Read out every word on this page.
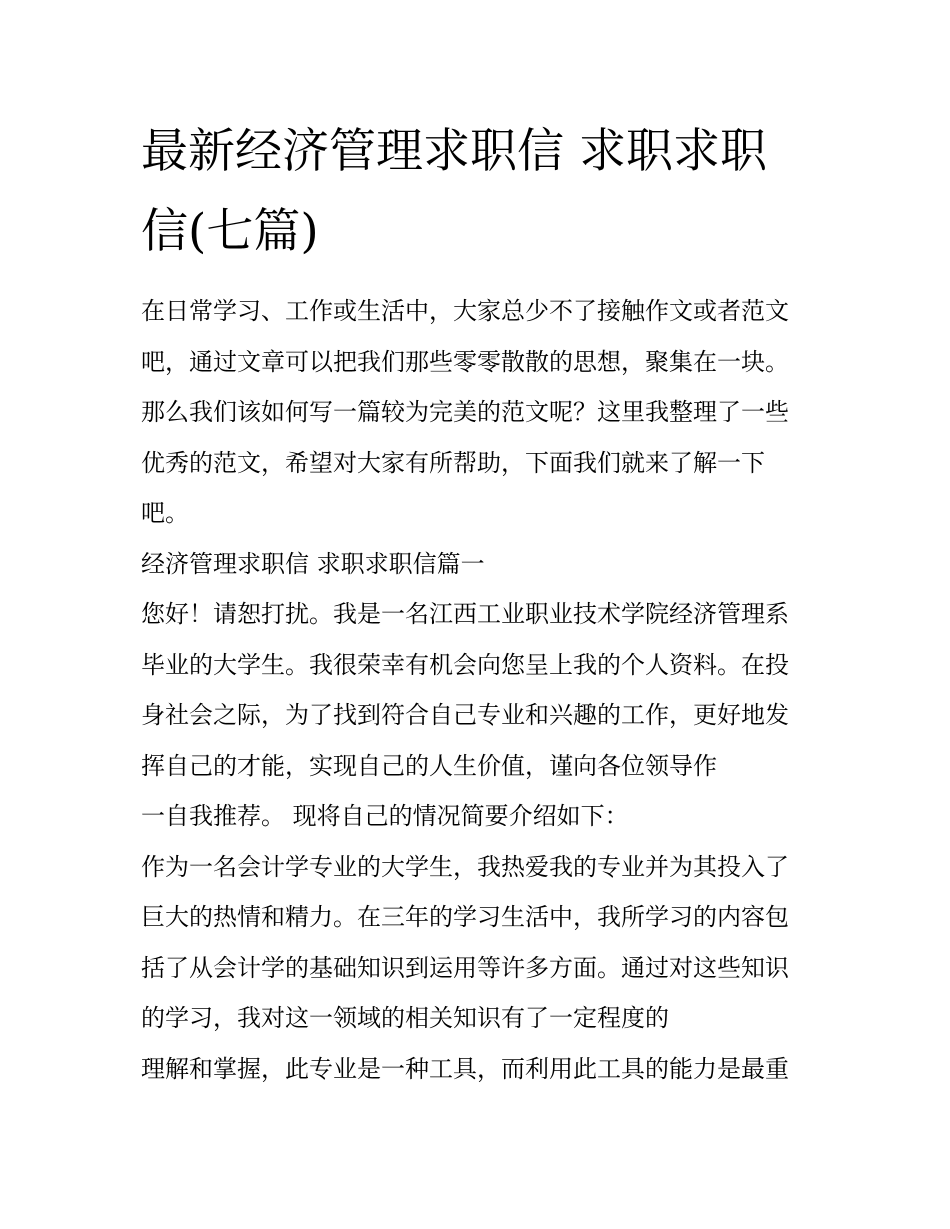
最新经济管理求职信 求职求职
信(七篇)
在日常学习、工作或生活中，大家总少不了接触作文或者范文
吧，通过文章可以把我们那些零零散散的思想，聚集在一块。
那么我们该如何写一篇较为完美的范文呢？这里我整理了一些
优秀的范文，希望对大家有所帮助，下面我们就来了解一下
吧。
经济管理求职信 求职求职信篇一
您好！请恕打扰。我是一名江西工业职业技术学院经济管理系
毕业的大学生。我很荣幸有机会向您呈上我的个人资料。在投
身社会之际，为了找到符合自己专业和兴趣的工作，更好地发
挥自己的才能，实现自己的人生价值，谨向各位领导作
一自我推荐。 现将自己的情况简要介绍如下：
作为一名会计学专业的大学生，我热爱我的专业并为其投入了
巨大的热情和精力。在三年的学习生活中，我所学习的内容包
括了从会计学的基础知识到运用等许多方面。通过对这些知识
的学习，我对这一领域的相关知识有了一定程度的
理解和掌握，此专业是一种工具，而利用此工具的能力是最重
